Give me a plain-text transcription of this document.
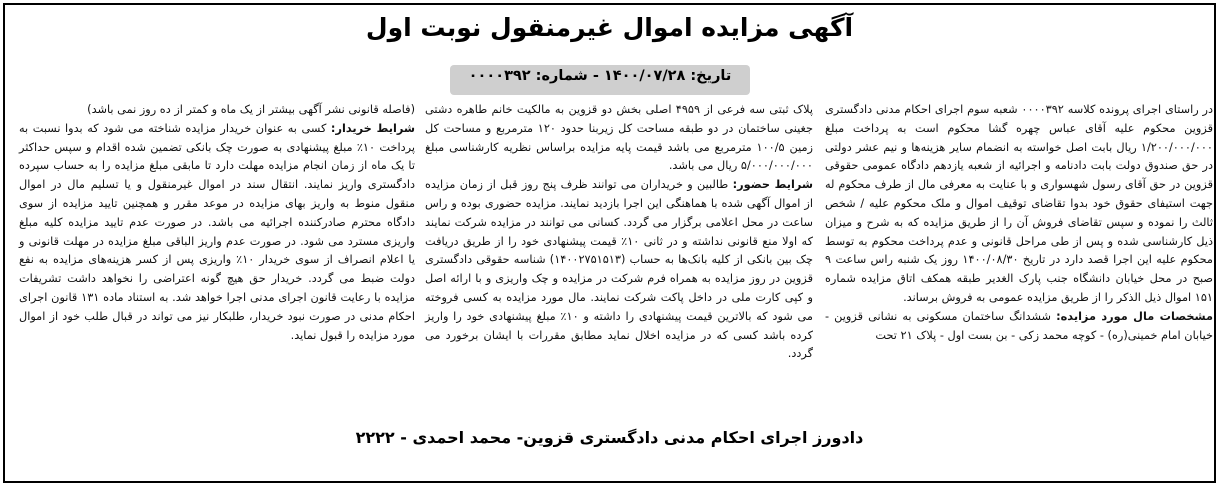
آگهی مزایده اموال غیرمنقول نوبت اول
تاریخ: ۱۴۰۰/۰۷/۲۸ - شماره: ۰۰۰۰۳۹۲

در راستای اجرای پرونده کلاسه ۰۰۰۰۳۹۲ شعبه سوم اجرای احکام مدنی دادگستری قزوین محکوم علیه آقای عباس چهره گشا محکوم است به پرداخت مبلغ ۱/۲۰۰/۰۰۰/۰۰۰ ریال بابت اصل خواسته به انضمام سایر هزینه‌ها و نیم عشر دولتی در حق صندوق دولت بابت دادنامه و اجرائیه از شعبه یازدهم دادگاه عمومی حقوقی قزوین در حق آقای رسول شهسواری و با عنایت به معرفی مال از طرف محکوم له جهت استیفای حقوق خود بدوا تقاضای توقیف اموال و ملک محکوم علیه / شخص ثالث را نموده و سپس تقاضای فروش آن را از طریق مزایده که به شرح و میزان ذیل کارشناسی شده و پس از طی مراحل قانونی و عدم پرداخت محکوم به توسط محکوم علیه این اجرا قصد دارد در تاریخ ۱۴۰۰/۰۸/۳۰ روز یک شنبه راس ساعت ۹ صبح در محل خیابان دانشگاه جنب پارک الغدیر طبقه همکف اتاق مزایده شماره ۱۵۱ اموال ذیل الذکر را از طریق مزایده عمومی به فروش برساند.

مشخصات مال مورد مزایده: ششدانگ ساختمان مسکونی به نشانی قزوین - خیابان امام خمینی(ره) - کوچه محمد زکی - بن بست اول - پلاک ۲۱ تحت

پلاک ثبتی سه فرعی از ۴۹۵۹ اصلی بخش دو قزوین به مالکیت خانم طاهره دشتی جغینی ساختمان در دو طبقه مساحت کل زیربنا حدود ۱۲۰ مترمربع و مساحت کل زمین ۱۰۰/۵ مترمربع می باشد قیمت پایه مزایده براساس نظریه کارشناسی مبلغ ۵/۰۰۰/۰۰۰/۰۰۰ ریال می باشد.

شرایط حضور: طالبین و خریداران می توانند ظرف پنج روز قبل از زمان مزایده از اموال آگهی شده با هماهنگی این اجرا بازدید نمایند. مزایده حضوری بوده و راس ساعت در محل اعلامی برگزار می گردد. کسانی می توانند در مزایده شرکت نمایند که اولا منع قانونی نداشته و در ثانی ۱۰٪ قیمت پیشنهادی خود را از طریق دریافت چک بین بانکی از کلیه بانک‌ها به حساب (۱۴۰۰۲۷۵۱۵۱۳) شناسه حقوقی دادگستری قزوین در روز مزایده به همراه فرم شرکت در مزایده و چک واریزی و با ارائه اصل و کپی کارت ملی در داخل پاکت شرکت نمایند. مال مورد مزایده به کسی فروخته می شود که بالاترین قیمت پیشنهادی را داشته و ۱۰٪ مبلغ پیشنهادی خود را واریز کرده باشد کسی که در مزایده اخلال نماید مطابق مقررات با ایشان برخورد می گردد.

(فاصله قانونی نشر آگهی بیشتر از یک ماه و کمتر از ده روز نمی باشد)

شرایط خریدار: کسی به عنوان خریدار مزایده شناخته می شود که بدوا نسبت به پرداخت ۱۰٪ مبلغ پیشنهادی به صورت چک بانکی تضمین شده اقدام و سپس حداکثر تا یک ماه از زمان انجام مزایده مهلت دارد تا مابقی مبلغ مزایده را به حساب سپرده دادگستری واریز نمایند. انتقال سند در اموال غیرمنقول و یا تسلیم مال در اموال منقول منوط به واریز بهای مزایده در موعد مقرر و همچنین تایید مزایده از سوی دادگاه محترم صادرکننده اجرائیه می باشد. در صورت عدم تایید مزایده کلیه مبلغ واریزی مسترد می شود. در صورت عدم واریز الباقی مبلغ مزایده در مهلت قانونی و یا اعلام انصراف از سوی خریدار ۱۰٪ واریزی پس از کسر هزینه‌های مزایده به نفع دولت ضبط می گردد. خریدار حق هیچ گونه اعتراضی را نخواهد داشت تشریفات مزایده با رعایت قانون اجرای مدنی اجرا خواهد شد. به استناد ماده ۱۳۱ قانون اجرای احکام مدنی در صورت نبود خریدار، طلبکار نیز می تواند در قبال طلب خود از اموال مورد مزایده را قبول نماید.

دادورز اجرای احکام مدنی دادگستری قزوین- محمد احمدی - ۲۲۲۲
